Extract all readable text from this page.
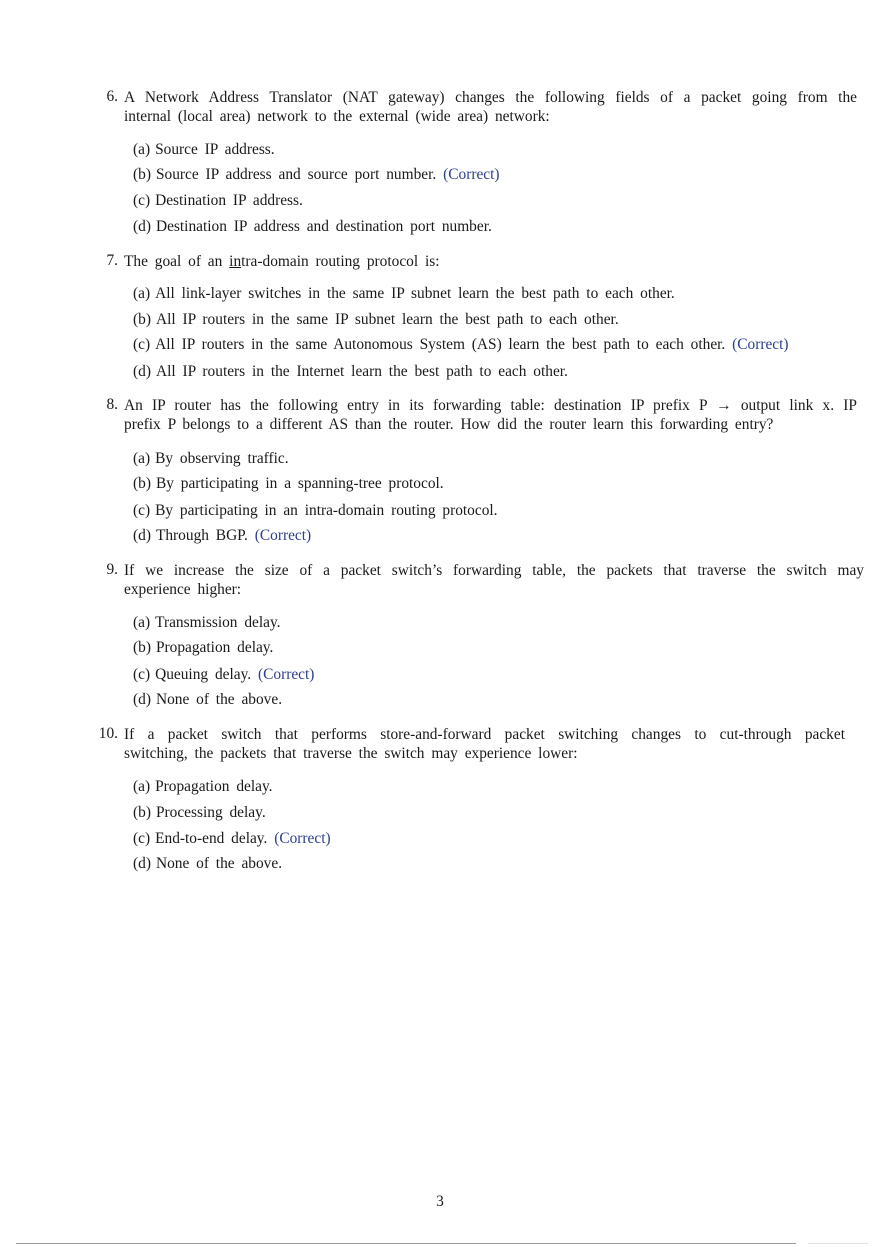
6. A Network Address Translator (NAT gateway) changes the following fields of a packet going from the
internal (local area) network to the external (wide area) network:
(a) Source IP address.
(b) Source IP address and source port number. (Correct)
(c) Destination IP address.
(d) Destination IP address and destination port number.
7. The goal of an intra-domain routing protocol is:
(a) All link-layer switches in the same IP subnet learn the best path to each other.
(b) All IP routers in the same IP subnet learn the best path to each other.
(c) All IP routers in the same Autonomous System (AS) learn the best path to each other. (Correct)
(d) All IP routers in the Internet learn the best path to each other.
8. An IP router has the following entry in its forwarding table: destination IP prefix P → output link x. IP
prefix P belongs to a different AS than the router. How did the router learn this forwarding entry?
(a) By observing traffic.
(b) By participating in a spanning-tree protocol.
(c) By participating in an intra-domain routing protocol.
(d) Through BGP. (Correct)
9. If we increase the size of a packet switch’s forwarding table, the packets that traverse the switch may
experience higher:
(a) Transmission delay.
(b) Propagation delay.
(c) Queuing delay. (Correct)
(d) None of the above.
10. If a packet switch that performs store-and-forward packet switching changes to cut-through packet
switching, the packets that traverse the switch may experience lower:
(a) Propagation delay.
(b) Processing delay.
(c) End-to-end delay. (Correct)
(d) None of the above.
3
